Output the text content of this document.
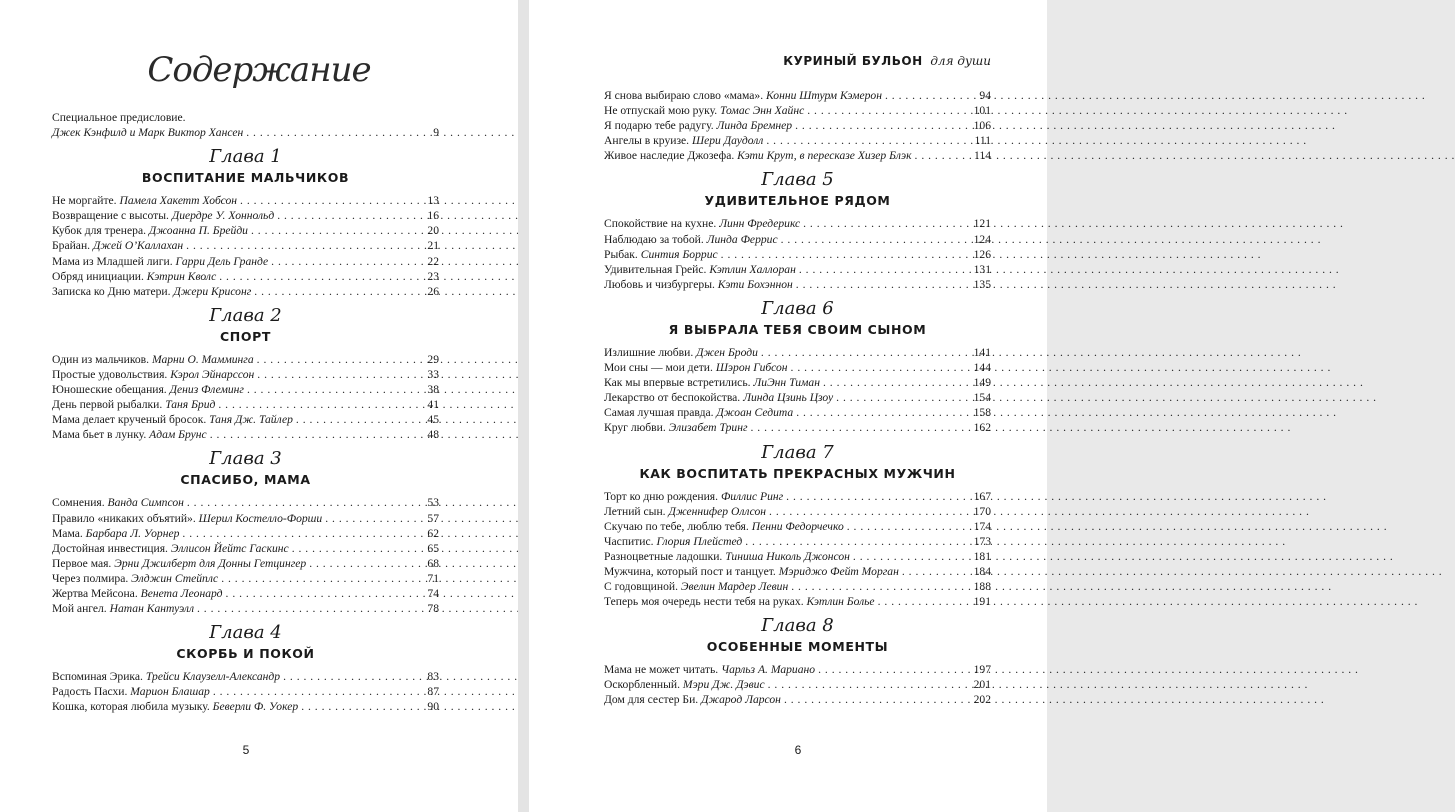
Содержание
Специальное предисловие.
Джек Кэнфилд и Марк Виктор Хансен . . .	9
Глава 1
ВОСПИТАНИЕ МАЛЬЧИКОВ
Не моргайте. Памела Хакетт Хобсон . . .	13
Возвращение с высоты. Диердре У. Хоннольд . . .	16
Кубок для тренера. Джоанна П. Брейди . . .	20
Брайан. Джей О’Каллахан . . .	21
Мама из Младшей лиги. Гарри Дель Гранде . . .	22
Обряд инициации. Кэтрин Кволс . . .	23
Записка ко Дню матери. Джери Крисонг . . .	26
Глава 2
СПОРТ
Один из мальчиков. Марни О. Мамминга . . .	29
Простые удовольствия. Кэрол Эйнарссон . . .	33
Юношеские обещания. Дениз Флеминг . . .	38
День первой рыбалки. Таня Брид . . .	41
Мама делает крученый бросок. Таня Дж. Тайлер . . .	45
Мама бьет в лунку. Адам Брунс . . .	48
Глава 3
СПАСИБО, МАМА
Сомнения. Ванда Симпсон . . .	53
Правило «никаких объятий». Шерил Костелло-Форши . . .	57
Мама. Барбара Л. Уорнер . . .	62
Достойная инвестиция. Эллисон Йейтс Гаскинс . . .	65
Первое мая. Эрни Джилберт для Донны Гетцингер . . .	68
Через полмира. Элджин Стейплс . . .	71
Жертва Мейсона. Венета Леонард . . .	74
Мой ангел. Натан Кантуэлл . . .	78
Глава 4
СКОРБЬ И ПОКОЙ
Вспоминая Эрика. Трейси Клаузелл-Александр . . .	83
Радость Пасхи. Марион Блашар . . .	87
Кошка, которая любила музыку. Беверли Ф. Уокер . . .	90
5
КУРИНЫЙ БУЛЬОН для души
Я снова выбираю слово «мама». Конни Штурм Кэмерон . . .	94
Не отпускай мою руку. Томас Энн Хайнс . . .	101
Я подарю тебе радугу. Линда Бремнер . . .	106
Ангелы в круизе. Шери Даудолл . . .	111
Живое наследие Джозефа. Кэти Крут, в пересказе Хизер Блэк . . .	114
Глава 5
УДИВИТЕЛЬНОЕ РЯДОМ
Спокойствие на кухне. Линн Фредерикс . . .	121
Наблюдаю за тобой. Линда Феррис . . .	124
Рыбак. Синтия Боррис . . .	126
Удивительная Грейс. Кэтлин Халлоран . . .	131
Любовь и чизбургеры. Кэти Бохэннон . . .	135
Глава 6
Я ВЫБРАЛА ТЕБЯ СВОИМ СЫНОМ
Излишние любви. Джен Броди . . .	141
Мои сны — мои дети. Шэрон Гибсон . . .	144
Как мы впервые встретились. ЛиЭнн Тиман . . .	149
Лекарство от беспокойства. Линда Цзинь Цзоу . . .	154
Самая лучшая правда. Джоан Седита . . .	158
Круг любви. Элизабет Тринг . . .	162
Глава 7
КАК ВОСПИТАТЬ ПРЕКРАСНЫХ МУЖЧИН
Торт ко дню рождения. Филлис Ринг . . .	167
Летний сын. Дженнифер Оллсон . . .	170
Скучаю по тебе, люблю тебя. Пенни Федорчечко . . .	174
Часпитис. Глория Плейстед . . .	173
Разноцветные ладошки. Тиниша Николь Джонсон . . .	181
Мужчина, который пост и танцует. Мэриджо Фейт Морган . . .	184
С годовщиной. Эвелин Мардер Левин . . .	188
Теперь моя очередь нести тебя на руках. Кэтлин Болье . . .	191
Глава 8
ОСОБЕННЫЕ МОМЕНТЫ
Мама не может читать. Чарльз А. Мариано . . .	197
Оскорбленный. Мэри Дж. Дэвис . . .	201
Дом для сестер Би. Джарод Ларсон . . .	202
6
